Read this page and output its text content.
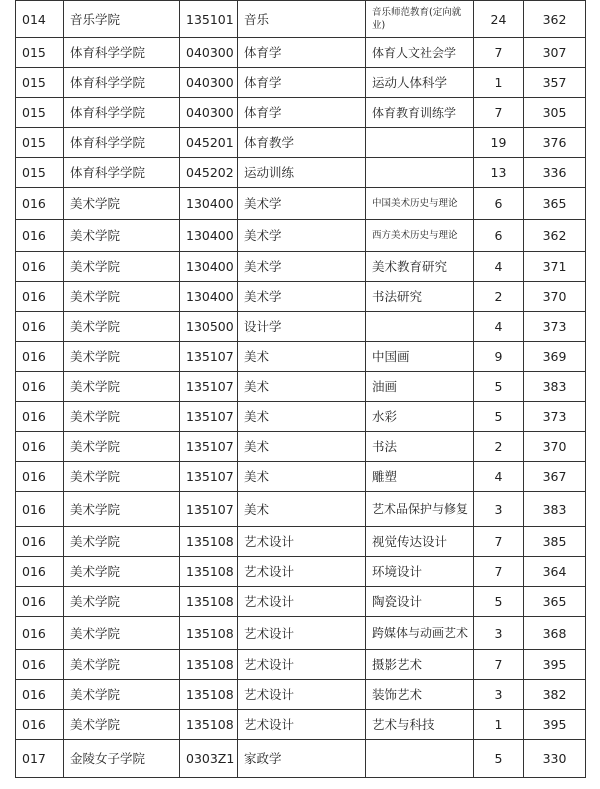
014	音乐学院	135101	音乐	音乐师范教育(定向就业)	24	362
015	体育科学学院	040300	体育学	体育人文社会学	7	307
015	体育科学学院	040300	体育学	运动人体科学	1	357
015	体育科学学院	040300	体育学	体育教育训练学	7	305
015	体育科学学院	045201	体育教学		19	376
015	体育科学学院	045202	运动训练		13	336
016	美术学院	130400	美术学	中国美术历史与理论	6	365
016	美术学院	130400	美术学	西方美术历史与理论	6	362
016	美术学院	130400	美术学	美术教育研究	4	371
016	美术学院	130400	美术学	书法研究	2	370
016	美术学院	130500	设计学		4	373
016	美术学院	135107	美术	中国画	9	369
016	美术学院	135107	美术	油画	5	383
016	美术学院	135107	美术	水彩	5	373
016	美术学院	135107	美术	书法	2	370
016	美术学院	135107	美术	雕塑	4	367
016	美术学院	135107	美术	艺术品保护与修复	3	383
016	美术学院	135108	艺术设计	视觉传达设计	7	385
016	美术学院	135108	艺术设计	环境设计	7	364
016	美术学院	135108	艺术设计	陶瓷设计	5	365
016	美术学院	135108	艺术设计	跨媒体与动画艺术	3	368
016	美术学院	135108	艺术设计	摄影艺术	7	395
016	美术学院	135108	艺术设计	装饰艺术	3	382
016	美术学院	135108	艺术设计	艺术与科技	1	395
017	金陵女子学院	0303Z1	家政学		5	330
